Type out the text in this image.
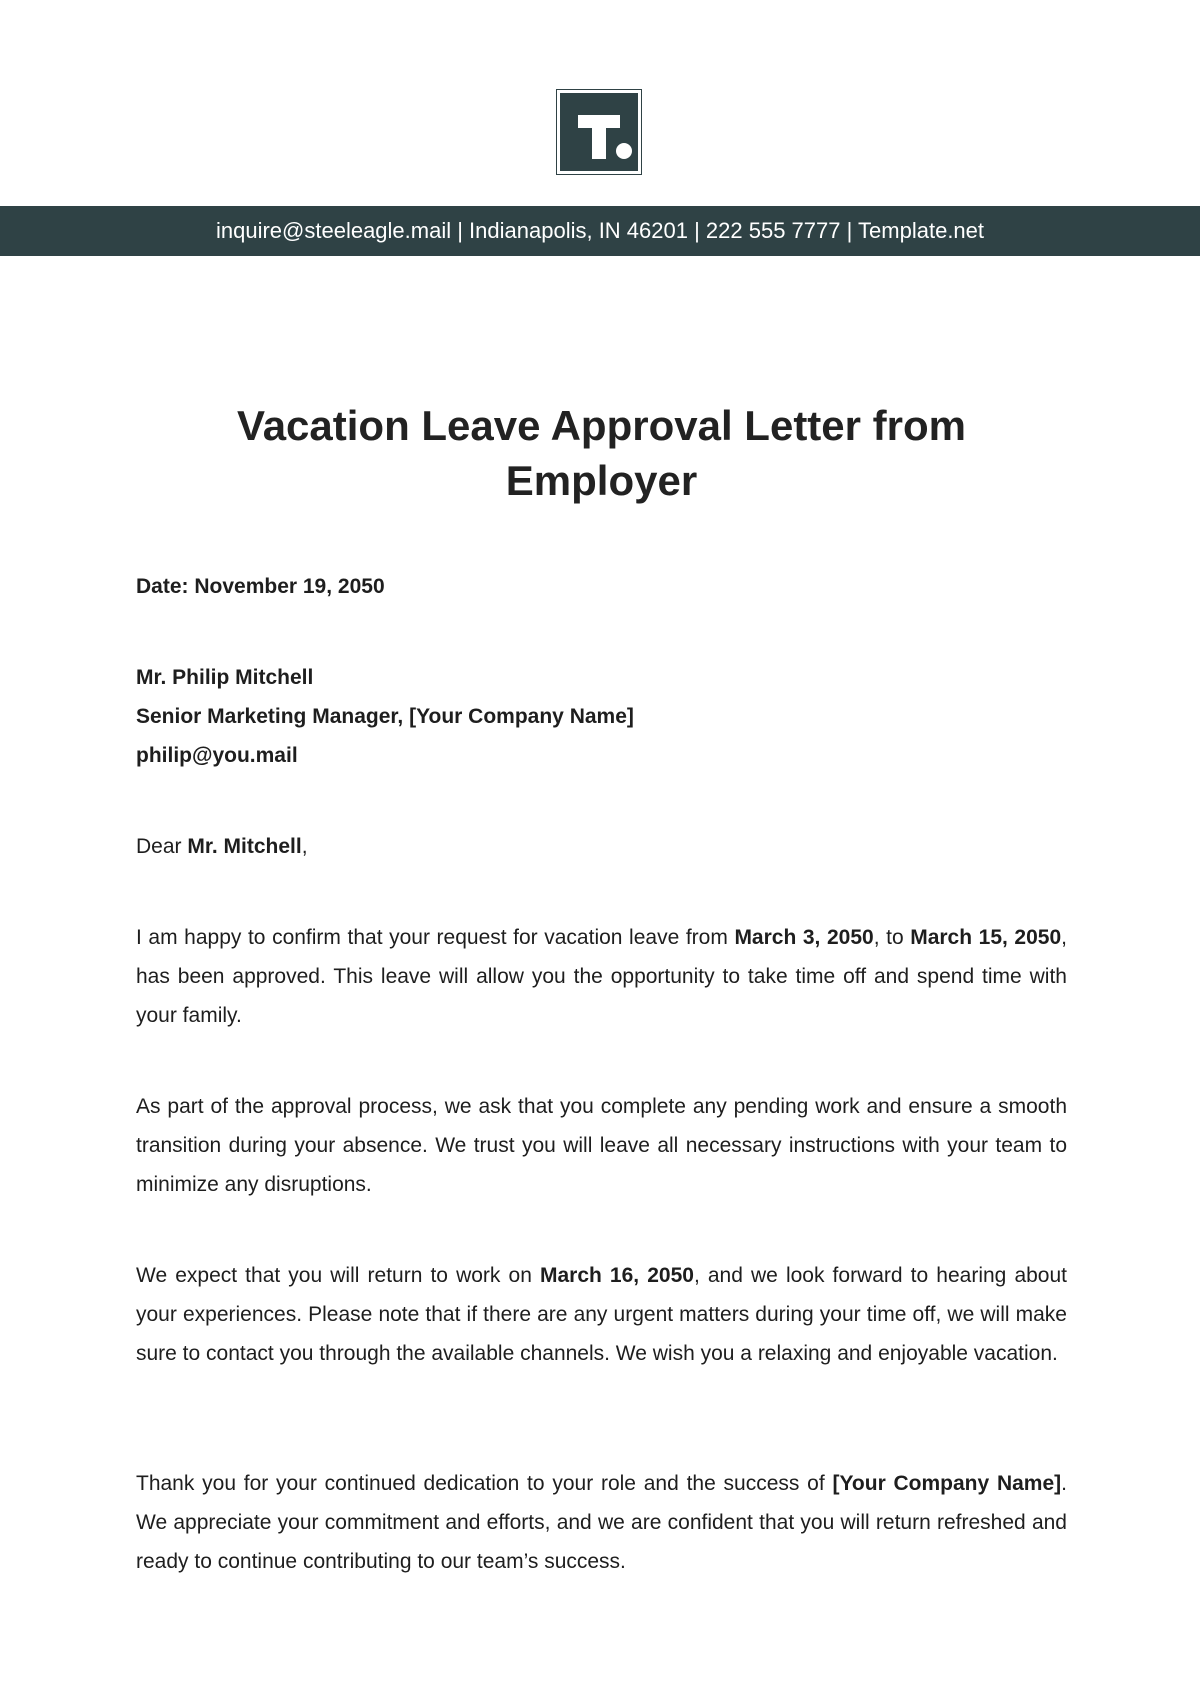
inquire@steeleagle.mail | Indianapolis, IN 46201 | 222 555 7777 | Template.net
Vacation Leave Approval Letter from Employer
Date: November 19, 2050
Mr. Philip Mitchell
Senior Marketing Manager, [Your Company Name]
philip@you.mail
Dear Mr. Mitchell,

I am happy to confirm that your request for vacation leave from March 3, 2050, to March 15, 2050, has been approved. This leave will allow you the opportunity to take time off and spend time with your family.

As part of the approval process, we ask that you complete any pending work and ensure a smooth transition during your absence. We trust you will leave all necessary instructions with your team to minimize any disruptions.

We expect that you will return to work on March 16, 2050, and we look forward to hearing about your experiences. Please note that if there are any urgent matters during your time off, we will make sure to contact you through the available channels. We wish you a relaxing and enjoyable vacation.

Thank you for your continued dedication to your role and the success of [Your Company Name]. We appreciate your commitment and efforts, and we are confident that you will return refreshed and ready to continue contributing to our team’s success.
